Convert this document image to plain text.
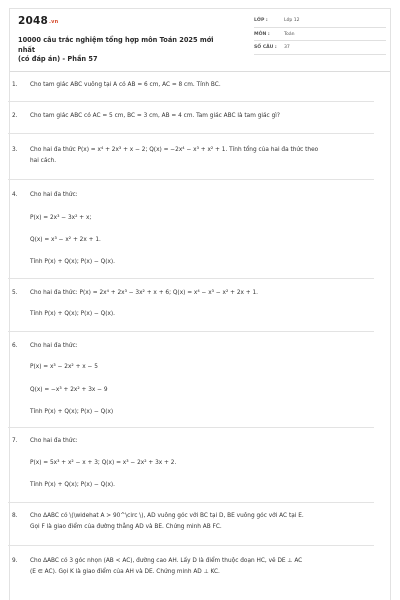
$2048^{.vn}$
10000 câu trắc nghiệm tổng hợp môn Toán 2025 mới nhất
(có đáp án) - Phần 57
LỚP :	Lớp 12
MÔN :	Toán
SỐ CÂU :	37
1.	Cho tam giác ABC vuông tại A có AB = 6 cm, AC = 8 cm. Tính BC.
2.	Cho tam giác ABC có AC = 5 cm, BC = 3 cm, AB = 4 cm. Tam giác ABC là tam giác gì?
3.	Cho hai đa thức P(x) = x⁴ + 2x³ + x − 2; Q(x) = −2x⁴ − x³ + x² + 1. Tính tổng của hai đa thức theo
hai cách.
4.	Cho hai đa thức:
P(x) = 2x³ − 3x² + x;
Q(x) = x³ − x² + 2x + 1.
Tính P(x) + Q(x); P(x) − Q(x).
5.	Cho hai đa thức: P(x) = 2x⁴ + 2x³ − 3x² + x + 6; Q(x) = x⁴ − x³ − x² + 2x + 1.
Tính P(x) + Q(x); P(x) − Q(x).
6.	Cho hai đa thức:
P(x) = x³ − 2x² + x − 5
Q(x) = −x³ + 2x² + 3x − 9
Tính P(x) + Q(x); P(x) − Q(x)
7.	Cho hai đa thức:
P(x) = 5x³ + x² − x + 3; Q(x) = x³ − 2x² + 3x + 2.
Tính P(x) + Q(x); P(x) − Q(x).
8.	Cho ΔABC có \(\widehat A > 90^\circ \), AD vuông góc với BC tại D, BE vuông góc với AC tại E.
Gọi F là giao điểm của đường thẳng AD và BE. Chứng minh AB FC.
9.	Cho ΔABC có 3 góc nhọn (AB < AC), đường cao AH. Lấy D là điểm thuộc đoạn HC, vẽ DE ⊥ AC
(E ∈ AC). Gọi K là giao điểm của AH và DE. Chứng minh AD ⊥ KC.
